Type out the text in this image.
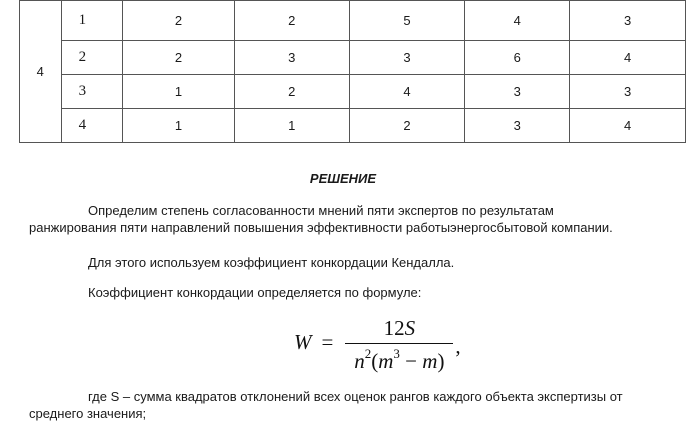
4	1	2	2	5	4	3
	2	2	3	3	6	4
	3	1	2	4	3	3
	4	1	1	2	3	4
РЕШЕНИЕ
Определим степень согласованности мнений пяти экспертов по результатам
ранжирования пяти направлений повышения эффективности работыэнергосбытовой компании.
Для этого используем коэффициент конкордации Кендалла.
Коэффициент конкордации определяется по формуле:
$W = \frac{12S}{n^2(m^3 - m)}$ ,
где S – сумма квадратов отклонений всех оценок рангов каждого объекта экспертизы от
среднего значения;
